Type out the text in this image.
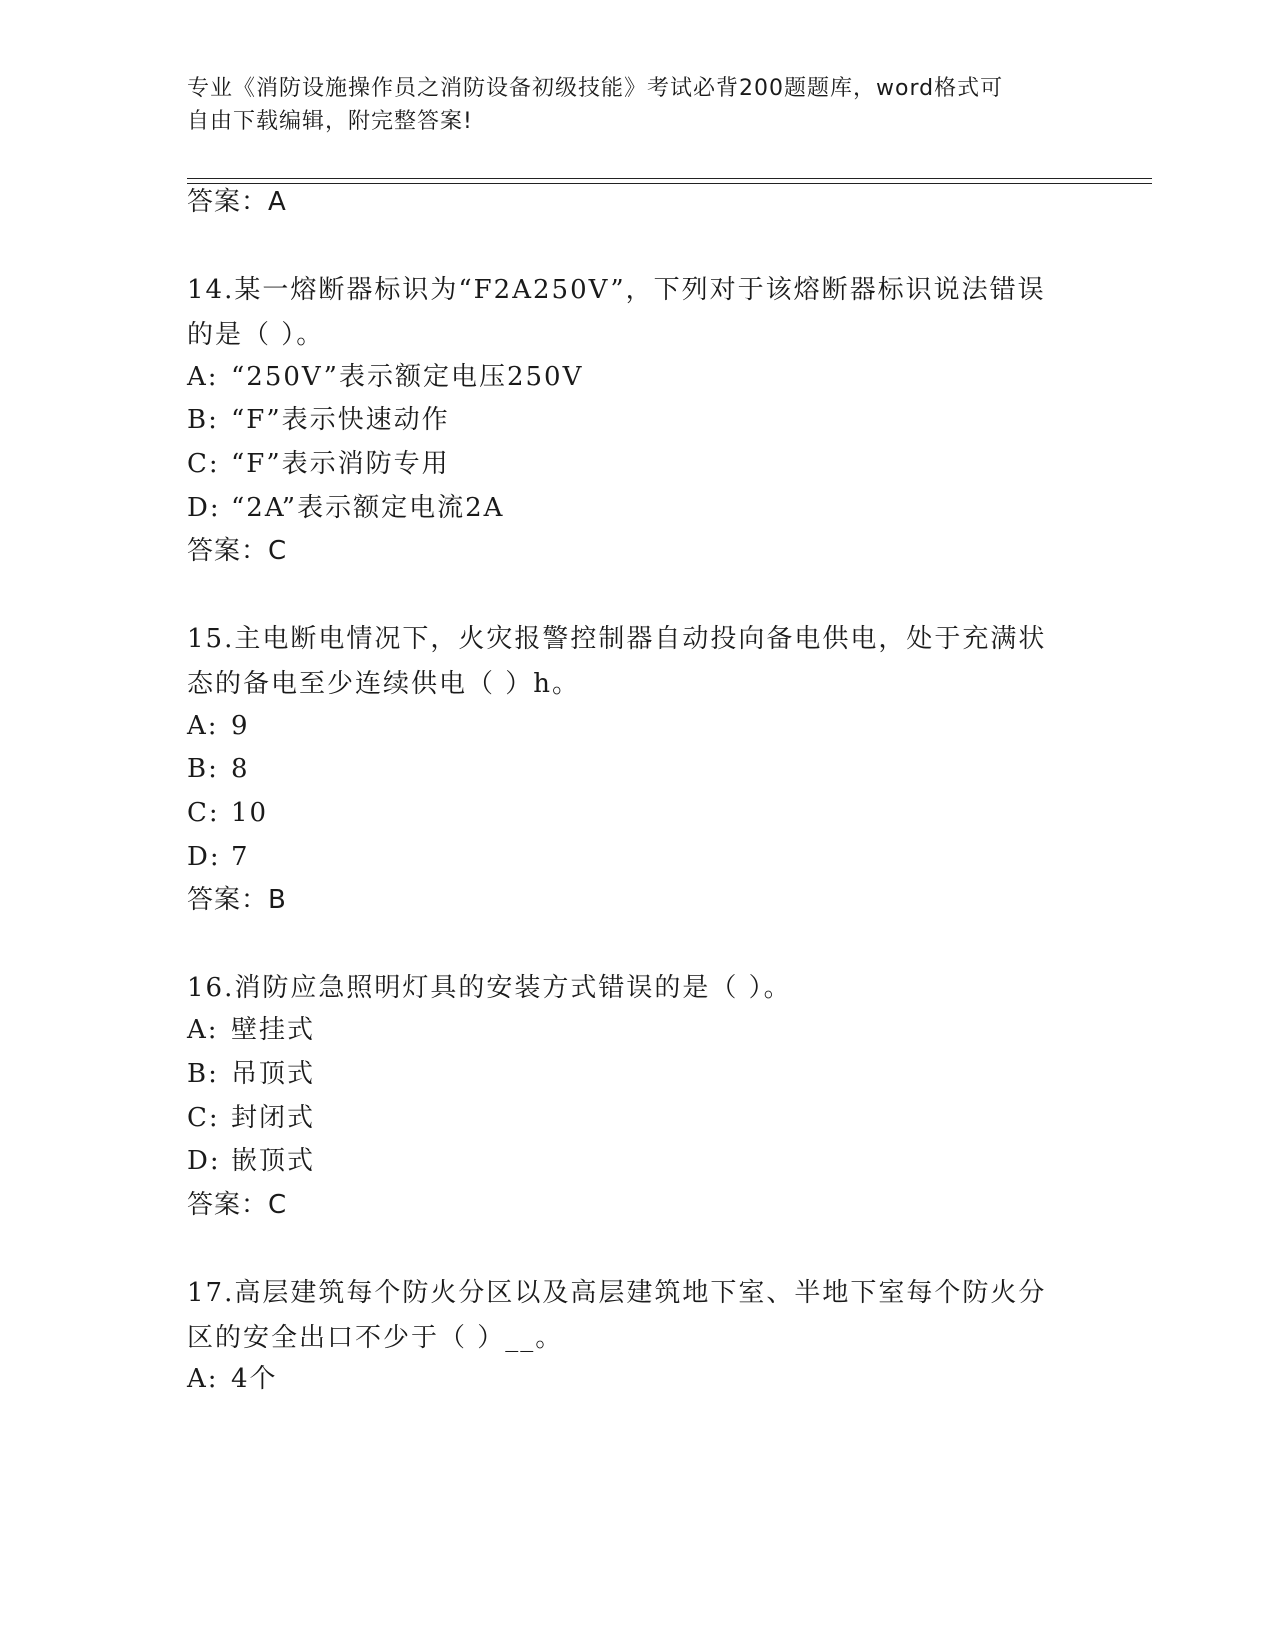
专业《消防设施操作员之消防设备初级技能》考试必背200题题库，word格式可
自由下载编辑，附完整答案!
答案：A
14.某一熔断器标识为“F2A250V”，下列对于该熔断器标识说法错误
的是（ ）。
A: “250V”表示额定电压250V
B: “F”表示快速动作
C: “F”表示消防专用
D: “2A”表示额定电流2A
答案：C
15.主电断电情况下，火灾报警控制器自动投向备电供电，处于充满状
态的备电至少连续供电（ ）h。
A: 9
B: 8
C: 10
D: 7
答案：B
16.消防应急照明灯具的安装方式错误的是（ ）。
A: 壁挂式
B: 吊顶式
C: 封闭式
D: 嵌顶式
答案：C
17.高层建筑每个防火分区以及高层建筑地下室、半地下室每个防火分
区的安全出口不少于（ ）__。
A: 4个
